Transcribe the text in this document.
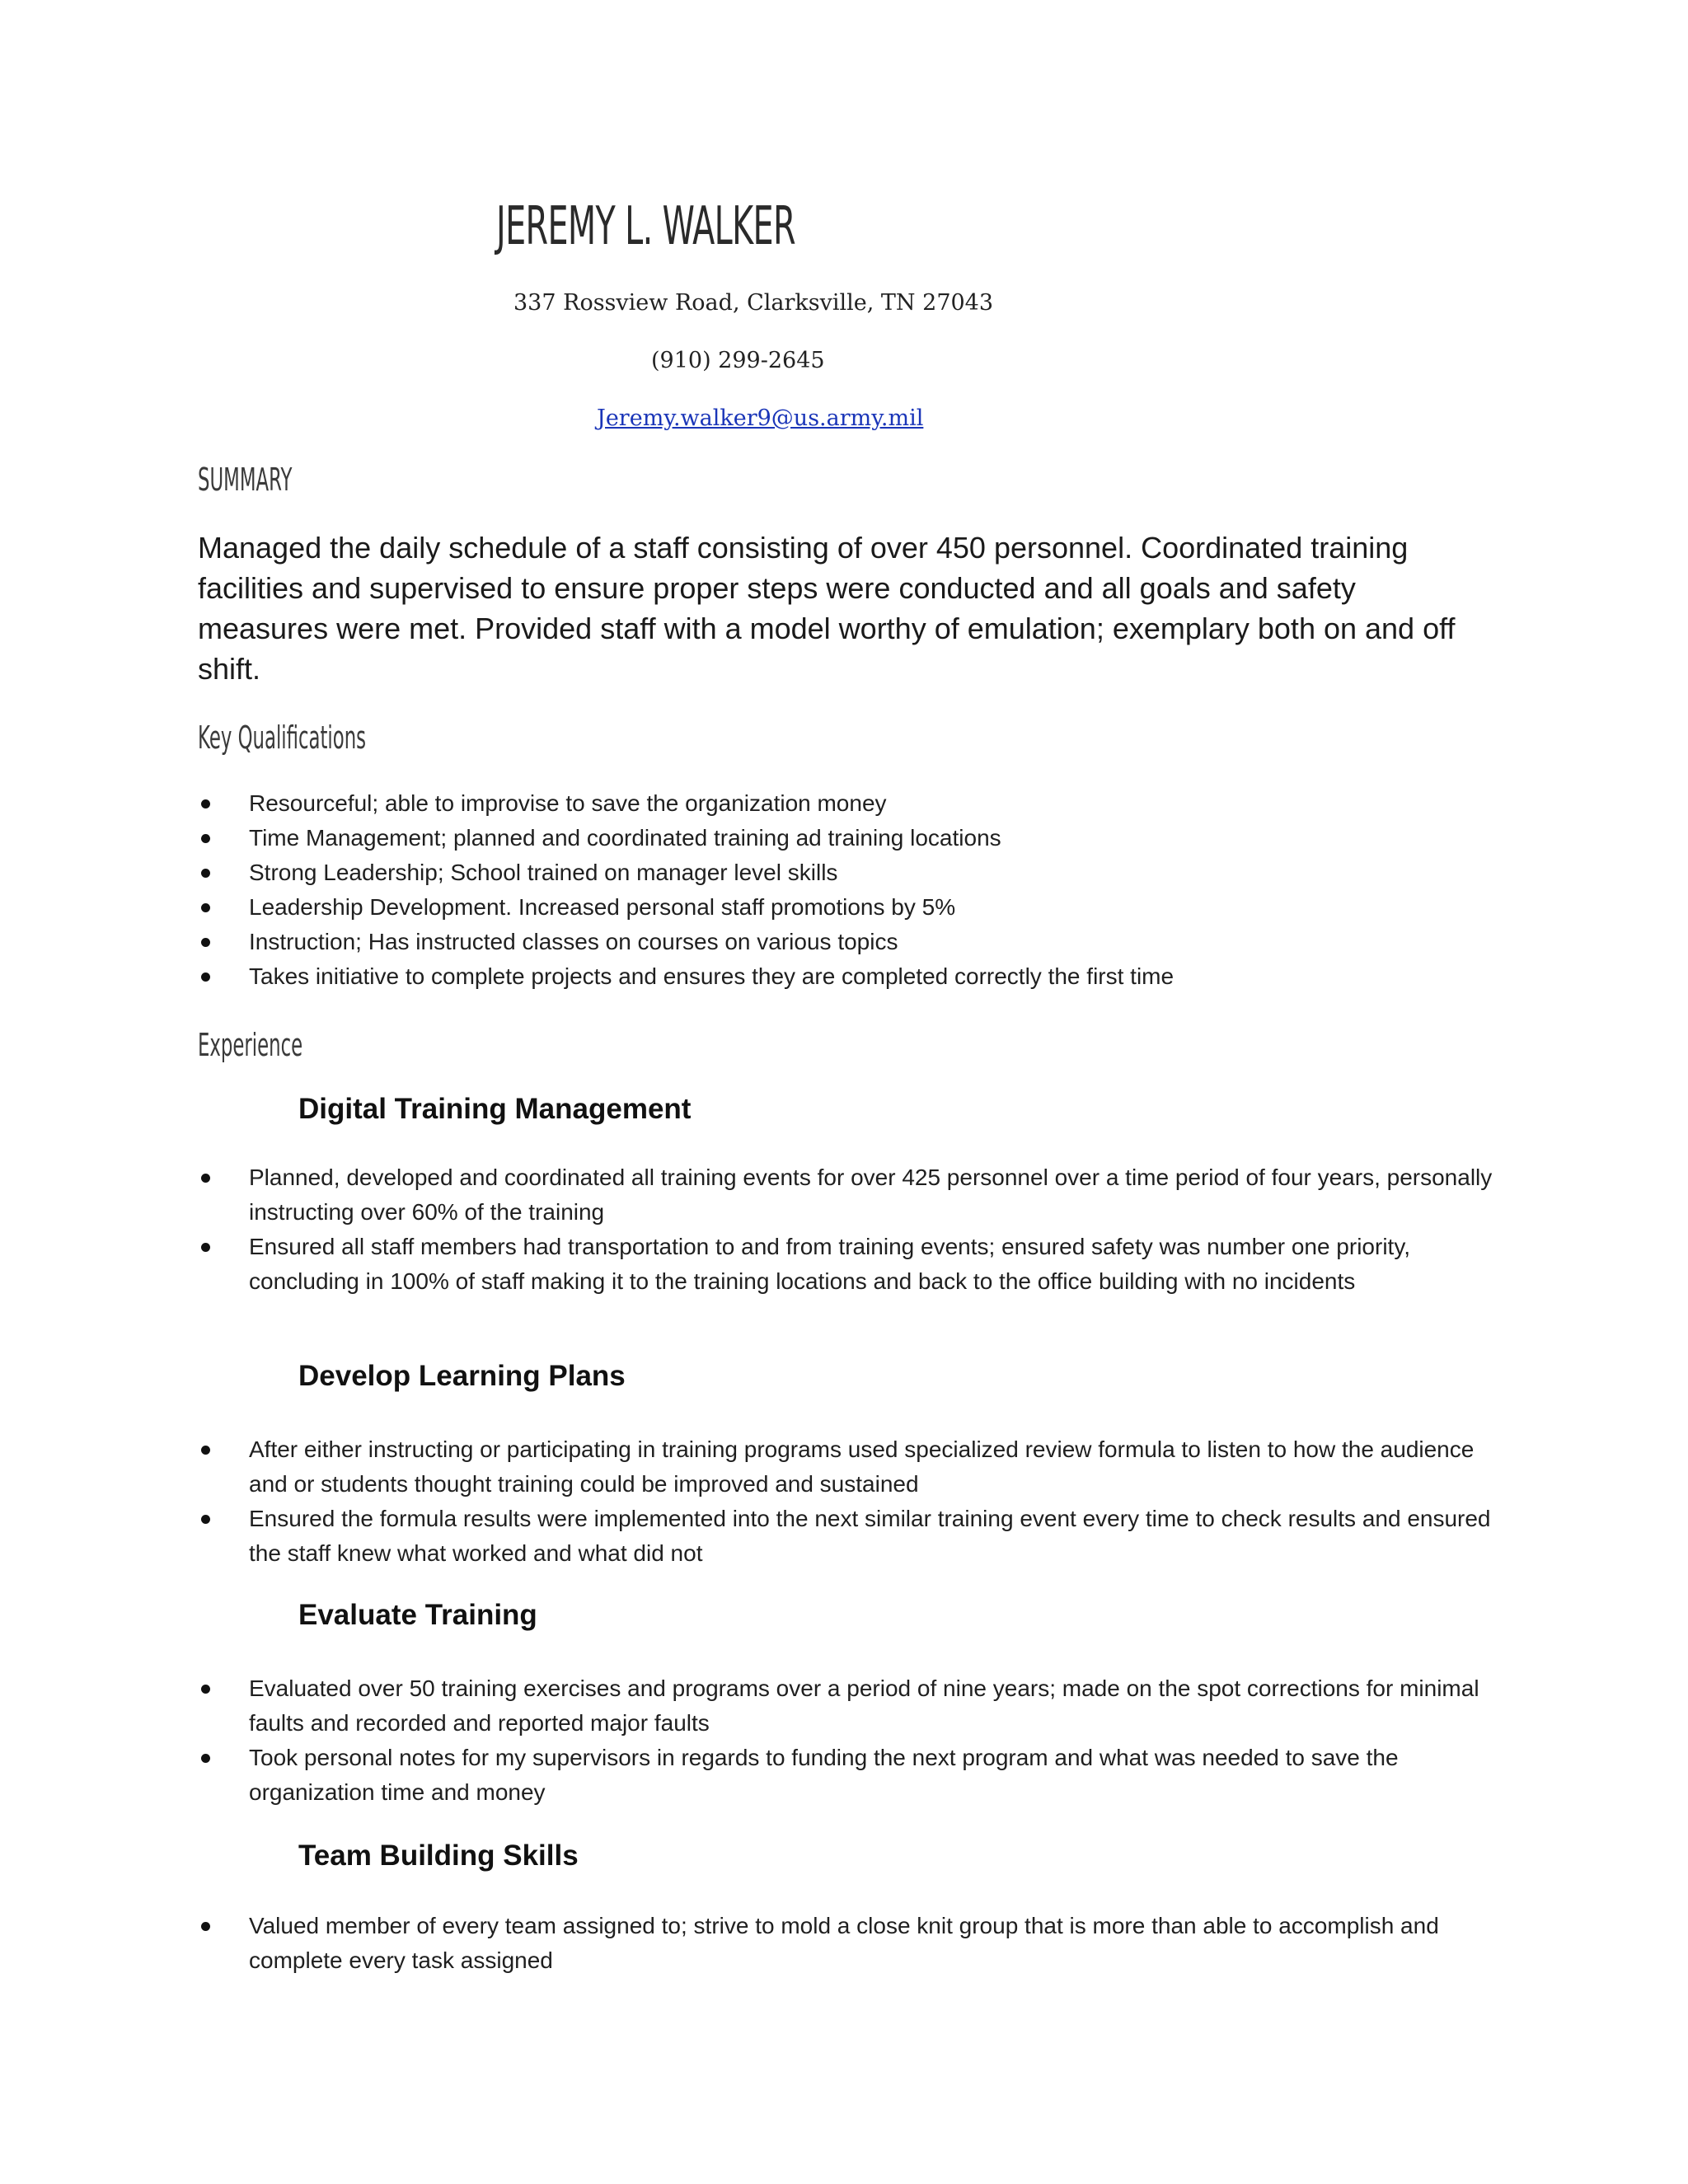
JEREMY L. WALKER
337 Rossview Road, Clarksville, TN 27043
(910) 299-2645
Jeremy.walker9@us.army.mil
SUMMARY
Managed the daily schedule of a staff consisting of over 450 personnel. Coordinated training facilities and supervised to ensure proper steps were conducted and all goals and safety measures were met. Provided staff with a model worthy of emulation; exemplary both on and off shift.
Key Qualifications
Resourceful; able to improvise to save the organization money
Time Management; planned and coordinated training ad training locations
Strong Leadership; School trained on manager level skills
Leadership Development. Increased personal staff promotions by 5%
Instruction; Has instructed classes on courses on various topics
Takes initiative to complete projects and ensures they are completed correctly the first time
Experience
Digital Training Management
Planned, developed and coordinated all training events for over 425 personnel over a time period of four years, personally instructing over 60% of the training
Ensured all staff members had transportation to and from training events; ensured safety was number one priority, concluding in 100% of staff making it to the training locations and back to the office building with no incidents
Develop Learning Plans
After either instructing or participating in training programs used specialized review formula to listen to how the audience and or students thought training could be improved and sustained
Ensured the formula results were implemented into the next similar training event every time to check results and ensured the staff knew what worked and what did not
Evaluate Training
Evaluated over 50 training exercises and programs over a period of nine years; made on the spot corrections for minimal faults and recorded and reported major faults
Took personal notes for my supervisors in regards to funding the next program and what was needed to save the organization time and money
Team Building Skills
Valued member of every team assigned to; strive to mold a close knit group that is more than able to accomplish and complete every task assigned
